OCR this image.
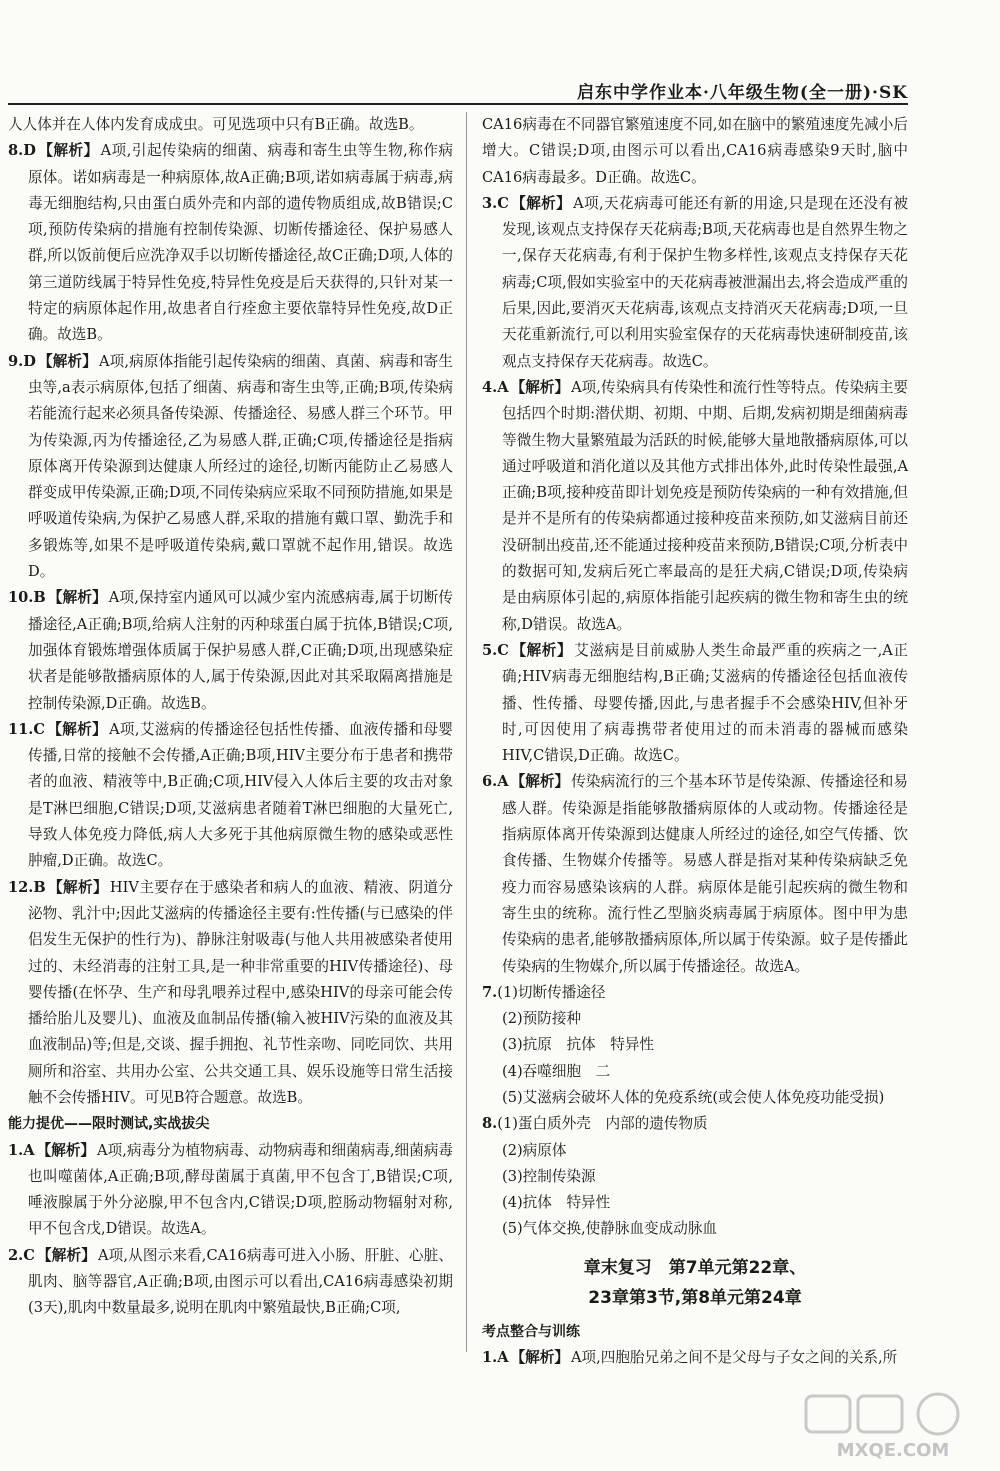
启东中学作业本·八年级生物(全一册)·SK

人人体并在人体内发育成成虫。可见选项中只有B正确。故选B。

8.D 【解析】 A项,引起传染病的细菌、病毒和寄生虫等生物,称作病原体。诺如病毒是一种病原体,故A正确;B项,诺如病毒属于病毒,病毒无细胞结构,只由蛋白质外壳和内部的遗传物质组成,故B错误;C项,预防传染病的措施有控制传染源、切断传播途径、保护易感人群,所以饭前便后应洗净双手以切断传播途径,故C正确;D项,人体的第三道防线属于特异性免疫,特异性免疫是后天获得的,只针对某一特定的病原体起作用,故患者自行痊愈主要依靠特异性免疫,故D正确。故选B。

9.D 【解析】 A项,病原体指能引起传染病的细菌、真菌、病毒和寄生虫等,a表示病原体,包括了细菌、病毒和寄生虫等,正确;B项,传染病若能流行起来必须具备传染源、传播途径、易感人群三个环节。甲为传染源,丙为传播途径,乙为易感人群,正确;C项,传播途径是指病原体离开传染源到达健康人所经过的途径,切断丙能防止乙易感人群变成甲传染源,正确;D项,不同传染病应采取不同预防措施,如果是呼吸道传染病,为保护乙易感人群,采取的措施有戴口罩、勤洗手和多锻炼等,如果不是呼吸道传染病,戴口罩就不起作用,错误。故选D。

10.B 【解析】 A项,保持室内通风可以减少室内流感病毒,属于切断传播途径,A正确;B项,给病人注射的丙种球蛋白属于抗体,B错误;C项,加强体育锻炼增强体质属于保护易感人群,C正确;D项,出现感染症状者是能够散播病原体的人,属于传染源,因此对其采取隔离措施是控制传染源,D正确。故选B。

11.C 【解析】 A项,艾滋病的传播途径包括性传播、血液传播和母婴传播,日常的接触不会传播,A正确;B项,HIV主要分布于患者和携带者的血液、精液等中,B正确;C项,HIV侵入人体后主要的攻击对象是T淋巴细胞,C错误;D项,艾滋病患者随着T淋巴细胞的大量死亡,导致人体免疫力降低,病人大多死于其他病原微生物的感染或恶性肿瘤,D正确。故选C。

12.B 【解析】 HIV主要存在于感染者和病人的血液、精液、阴道分泌物、乳汁中;因此艾滋病的传播途径主要有:性传播(与已感染的伴侣发生无保护的性行为)、静脉注射吸毒(与他人共用被感染者使用过的、未经消毒的注射工具,是一种非常重要的HIV传播途径)、母婴传播(在怀孕、生产和母乳喂养过程中,感染HIV的母亲可能会传播给胎儿及婴儿)、血液及血制品传播(输入被HIV污染的血液及其血液制品)等;但是,交谈、握手拥抱、礼节性亲吻、同吃同饮、共用厕所和浴室、共用办公室、公共交通工具、娱乐设施等日常生活接触不会传播HIV。可见B符合题意。故选B。

能力提优——限时测试,实战拔尖

1.A 【解析】 A项,病毒分为植物病毒、动物病毒和细菌病毒,细菌病毒也叫噬菌体,A正确;B项,酵母菌属于真菌,甲不包含丁,B错误;C项,唾液腺属于外分泌腺,甲不包含内,C错误;D项,腔肠动物辐射对称,甲不包含戊,D错误。故选A。

2.C 【解析】 A项,从图示来看,CA16病毒可进入小肠、肝脏、心脏、肌肉、脑等器官,A正确;B项,由图示可以看出,CA16病毒感染初期(3天),肌肉中数量最多,说明在肌肉中繁殖最快,B正确;C项,

CA16病毒在不同器官繁殖速度不同,如在脑中的繁殖速度先减小后增大。C错误;D项,由图示可以看出,CA16病毒感染9天时,脑中CA16病毒最多。D正确。故选C。

3.C 【解析】 A项,天花病毒可能还有新的用途,只是现在还没有被发现,该观点支持保存天花病毒;B项,天花病毒也是自然界生物之一,保存天花病毒,有利于保护生物多样性,该观点支持保存天花病毒;C项,假如实验室中的天花病毒被泄漏出去,将会造成严重的后果,因此,要消灭天花病毒,该观点支持消灭天花病毒;D项,一旦天花重新流行,可以利用实验室保存的天花病毒快速研制疫苗,该观点支持保存天花病毒。故选C。

4.A 【解析】 A项,传染病具有传染性和流行性等特点。传染病主要包括四个时期:潜伏期、初期、中期、后期,发病初期是细菌病毒等微生物大量繁殖最为活跃的时候,能够大量地散播病原体,可以通过呼吸道和消化道以及其他方式排出体外,此时传染性最强,A正确;B项,接种疫苗即计划免疫是预防传染病的一种有效措施,但是并不是所有的传染病都通过接种疫苗来预防,如艾滋病目前还没研制出疫苗,还不能通过接种疫苗来预防,B错误;C项,分析表中的数据可知,发病后死亡率最高的是狂犬病,C错误;D项,传染病是由病原体引起的,病原体指能引起疾病的微生物和寄生虫的统称,D错误。故选A。

5.C 【解析】 艾滋病是目前威胁人类生命最严重的疾病之一,A正确;HIV病毒无细胞结构,B正确;艾滋病的传播途径包括血液传播、性传播、母婴传播,因此,与患者握手不会感染HIV,但补牙时,可因使用了病毒携带者使用过的而未消毒的器械而感染HIV,C错误,D正确。故选C。

6.A 【解析】 传染病流行的三个基本环节是传染源、传播途径和易感人群。传染源是指能够散播病原体的人或动物。传播途径是指病原体离开传染源到达健康人所经过的途径,如空气传播、饮食传播、生物媒介传播等。易感人群是指对某种传染病缺乏免疫力而容易感染该病的人群。病原体是能引起疾病的微生物和寄生虫的统称。流行性乙型脑炎病毒属于病原体。图中甲为患传染病的患者,能够散播病原体,所以属于传染源。蚊子是传播此传染病的生物媒介,所以属于传播途径。故选A。

7.(1)切断传播途径

(2)预防接种

(3)抗原　抗体　特异性

(4)吞噬细胞　二

(5)艾滋病会破坏人体的免疫系统(或会使人体免疫功能受损)

8.(1)蛋白质外壳　内部的遗传物质

(2)病原体

(3)控制传染源

(4)抗体　特异性

(5)气体交换,使静脉血变成动脉血

章末复习　第7单元第22章、
23章第3节,第8单元第24章

考点整合与训练

1.A 【解析】 A项,四胞胎兄弟之间不是父母与子女之间的关系,所

MXQE.COM
